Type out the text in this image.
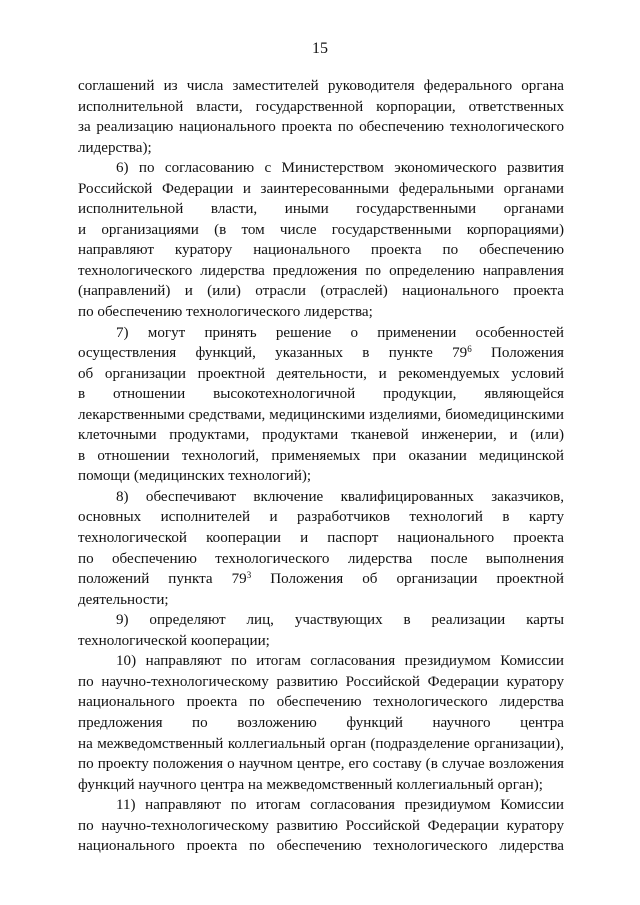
15
соглашений из числа заместителей руководителя федерального органа
исполнительной власти, государственной корпорации, ответственных
за реализацию национального проекта по обеспечению технологического
лидерства);
6) по согласованию с Министерством экономического развития
Российской Федерации и заинтересованными федеральными органами
исполнительной власти, иными государственными органами
и организациями (в том числе государственными корпорациями)
направляют куратору национального проекта по обеспечению
технологического лидерства предложения по определению направления
(направлений) и (или) отрасли (отраслей) национального проекта
по обеспечению технологического лидерства;
7) могут принять решение о применении особенностей
осуществления функций, указанных в пункте $79^6$ Положения
об организации проектной деятельности, и рекомендуемых условий
в отношении высокотехнологичной продукции, являющейся
лекарственными средствами, медицинскими изделиями, биомедицинскими
клеточными продуктами, продуктами тканевой инженерии, и (или)
в отношении технологий, применяемых при оказании медицинской
помощи (медицинских технологий);
8) обеспечивают включение квалифицированных заказчиков,
основных исполнителей и разработчиков технологий в карту
технологической кооперации и паспорт национального проекта
по обеспечению технологического лидерства после выполнения
положений пункта $79^3$ Положения об организации проектной
деятельности;
9) определяют лиц, участвующих в реализации карты
технологической кооперации;
10) направляют по итогам согласования президиумом Комиссии
по научно-технологическому развитию Российской Федерации куратору
национального проекта по обеспечению технологического лидерства
предложения по возложению функций научного центра
на межведомственный коллегиальный орган (подразделение организации),
по проекту положения о научном центре, его составу (в случае возложения
функций научного центра на межведомственный коллегиальный орган);
11) направляют по итогам согласования президиумом Комиссии
по научно-технологическому развитию Российской Федерации куратору
национального проекта по обеспечению технологического лидерства
